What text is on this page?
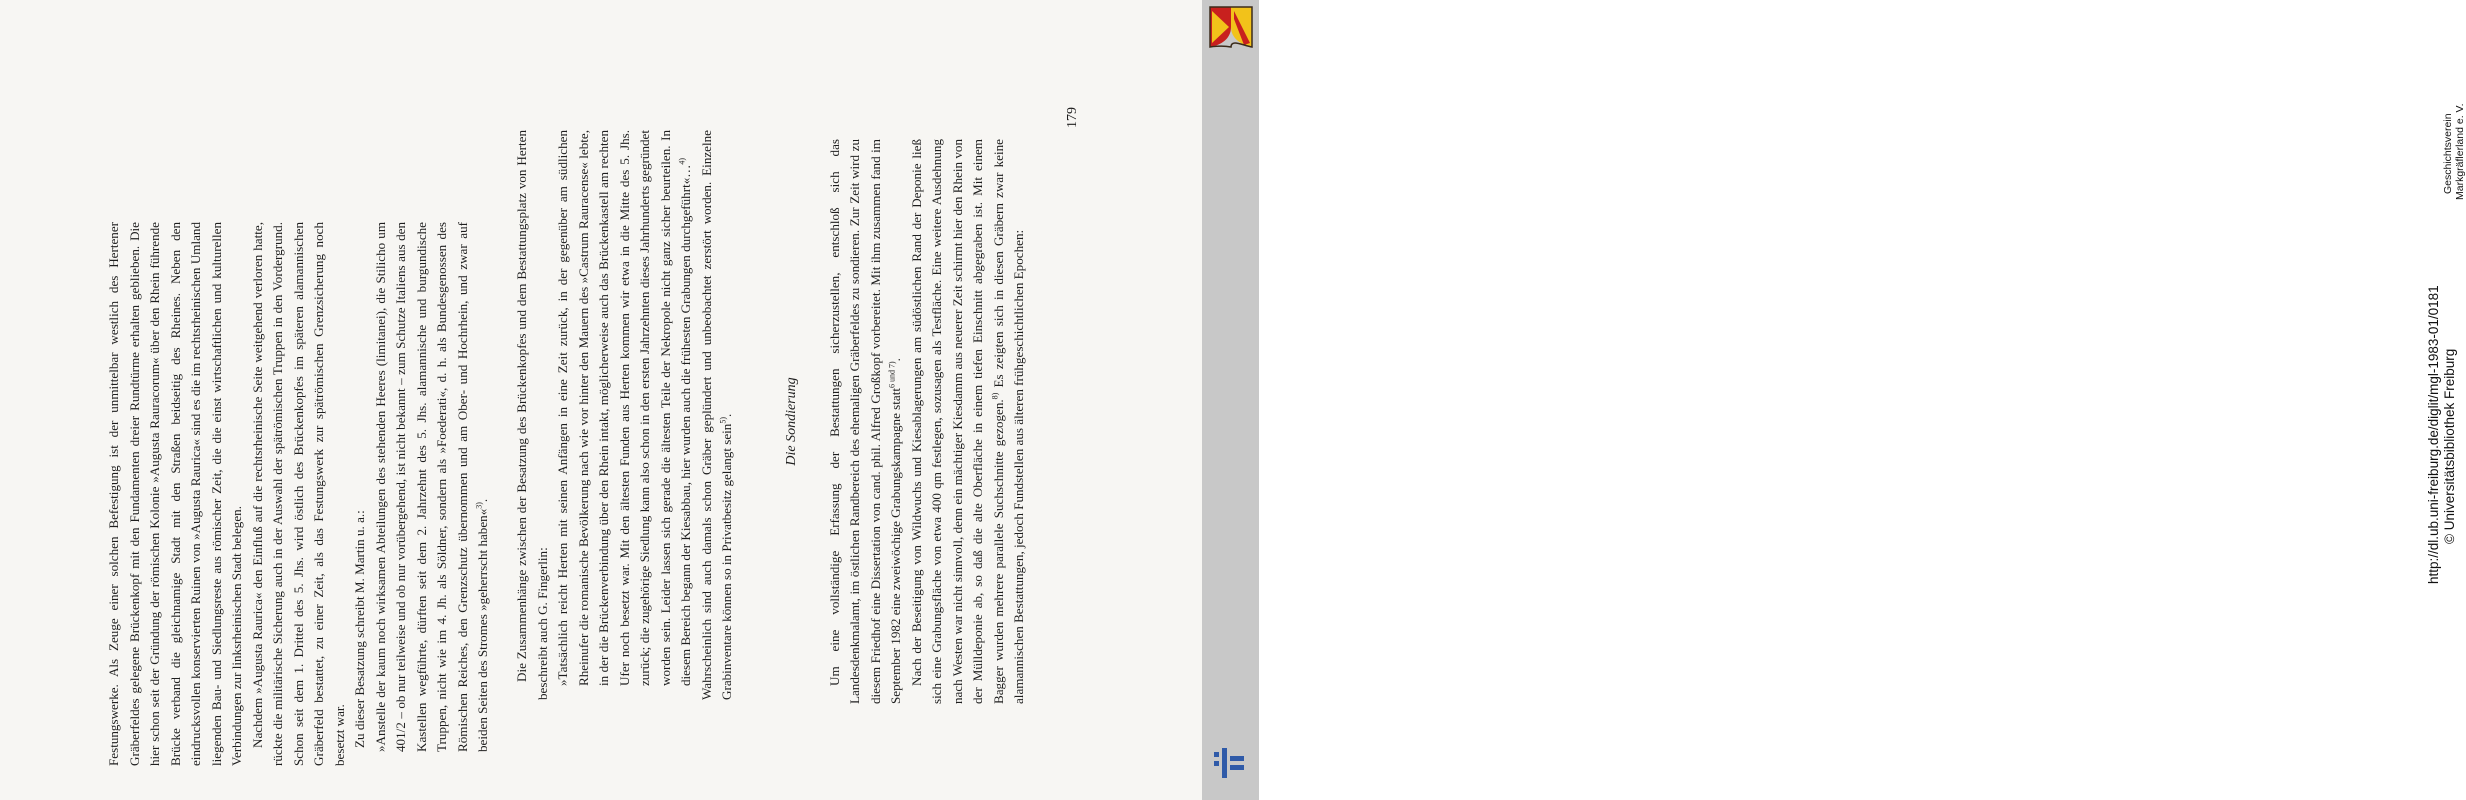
Festungswerke. Als Zeuge einer solchen Befestigung ist der unmittelbar westlich des Hertener Gräberfeldes gelegene Brückenkopf mit den Fundamenten dreier Rundtürme erhalten geblieben. Die hier schon seit der Gründung der römischen Kolonie »Augusta Rauracorum« über den Rhein führende Brücke verband die gleichnamige Stadt mit den Straßen beidseitig des Rheines. Neben den eindrucksvollen konservierten Ruinen von »Augusta Raurica« sind es die im rechtsrheinischen Umland liegenden Bau- und Siedlungsreste aus römischer Zeit, die die einst wirtschaftlichen und kulturellen Verbindungen zur linksrheinischen Stadt belegen. Nachdem »Augusta Raurica« den Einfluß auf die rechtsrheinische Seite weitgehend verloren hatte, rückte die militärische Sicherung auch in der Auswahl der spätrömischen Truppen in den Vordergrund. Schon seit dem 1. Drittel des 5. Jhs. wird östlich des Brückenkopfes im späteren alamannischen Gräberfeld bestattet, zu einer Zeit, als das Festungswerk zur spätrömischen Grenzsicherung noch besetzt war. Zu dieser Besatzung schreibt M. Martin u. a.: »Anstelle der kaum noch wirksamen Abteilungen des stehenden Heeres (limitanei), die Stilicho um 401/2 – ob nur teilweise und ob nur vorübergehend, ist nicht bekannt – zum Schutze Italiens aus den Kastellen wegführte, dürften seit dem 2. Jahrzehnt des 5. Jhs. alamannische und burgundische Truppen, nicht wie im 4. Jh. als Söldner, sondern als »Foederati«, d. h. als Bundesgenossen des Römischen Reiches, den Grenzschutz übernommen und am Ober- und Hochrhein, und zwar auf beiden Seiten des Stromes »geherrscht haben«$^{3)}$. Die Zusammenhänge zwischen der Besatzung des Brückenkopfes und dem Bestattungsplatz von Herten beschreibt auch G. Fingerlin: »Tatsächlich reicht Herten mit seinen Anfängen in eine Zeit zurück, in der gegenüber am südlichen Rheinufer die romanische Bevölkerung nach wie vor hinter den Mauern des »Castrum Rauracense« lebte, in der die Brückenverbindung über den Rhein intakt, möglicherweise auch das Brückenkastell am rechten Ufer noch besetzt war. Mit den ältesten Funden aus Herten kommen wir etwa in die Mitte des 5. Jhs. zurück; die zugehörige Siedlung kann also schon in den ersten Jahrzehnten dieses Jahrhunderts gegründet worden sein. Leider lassen sich gerade die ältesten Teile der Nekropole nicht ganz sicher beurteilen. In diesem Bereich begann der Kiesabbau, hier wurden auch die frühesten Grabungen durchgeführt«…$^{4)}$ Wahrscheinlich sind auch damals schon Gräber geplündert und unbeobachtet zerstört worden. Einzelne Grabinventare können so in Privatbesitz gelangt sein$^{5)}$.	Die Sondierung Um eine vollständige Erfassung der Bestattungen sicherzustellen, entschloß sich das Landesdenkmalamt, im östlichen Randbereich des ehemaligen Gräberfeldes zu sondieren. Zur Zeit wird zu diesem Friedhof eine Dissertation von cand. phil. Alfred Großkopf vorbereitet. Mit ihm zusammen fand im September 1982 eine zweiwöchige Grabungskampagne statt$^{6 und 7)}$. Nach der Beseitigung von Wildwuchs und Kiesablagerungen am südöstlichen Rand der Deponie ließ sich eine Grabungsfläche von etwa 400 qm festlegen, sozusagen als Testfläche. Eine weitere Ausdehnung nach Westen war nicht sinnvoll, denn ein mächtiger Kiesdamm aus neuerer Zeit schirmt hier den Rhein von der Mülldeponie ab, so daß die alte Oberfläche in einem tiefen Einschnitt abgegraben ist. Mit einem Bagger wurden mehrere parallele Suchschnitte gezogen.$^{8)}$ Es zeigten sich in diesen Gräbern zwar keine alamannischen Bestattungen, jedoch Fundstellen aus älteren frühgeschichtlichen Epochen:

179	Geschichtsverein Markgräflerland e. V.
http://dl.ub.uni-freiburg.de/diglit/mgl-1983-01/0181 © Universitätsbibliothek Freiburg
